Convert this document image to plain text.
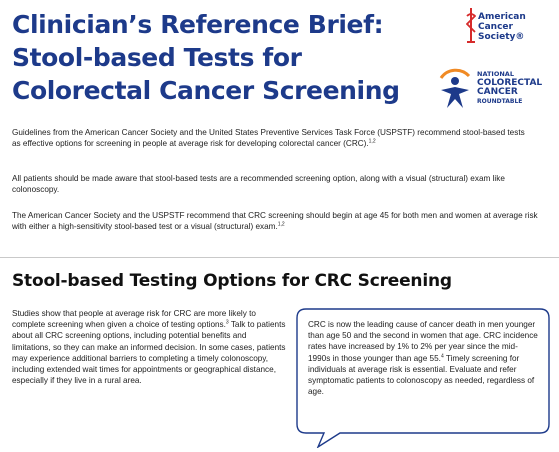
Clinician’s Reference Brief:
Stool-based Tests for
Colorectal Cancer Screening
American
Cancer
Society®
NATIONAL
COLORECTAL
CANCER
ROUNDTABLE

Guidelines from the American Cancer Society and the United States Preventive Services Task Force (USPSTF) recommend stool-based tests as effective options for screening in people at average risk for developing colorectal cancer (CRC).$^{1,2}$

All patients should be made aware that stool-based tests are a recommended screening option, along with a visual (structural) exam like colonoscopy.

The American Cancer Society and the USPSTF recommend that CRC screening should begin at age 45 for both men and women at average risk with either a high-sensitivity stool-based test or a visual (structural) exam.$^{1,2}$

Stool-based Testing Options for CRC Screening

Studies show that people at average risk for CRC are more likely to complete screening when given a choice of testing options.$^3$ Talk to patients about all CRC screening options, including potential benefits and limitations, so they can make an informed decision. In some cases, patients may experience additional barriers to completing a timely colonoscopy, including extended wait times for appointments or geographical distance, especially if they live in a rural area.

CRC is now the leading cause of cancer death in men younger than age 50 and the second in women that age. CRC incidence rates have increased by 1% to 2% per year since the mid-1990s in those younger than age 55.$^4$ Timely screening for individuals at average risk is essential. Evaluate and refer symptomatic patients to colonoscopy as needed, regardless of age.
